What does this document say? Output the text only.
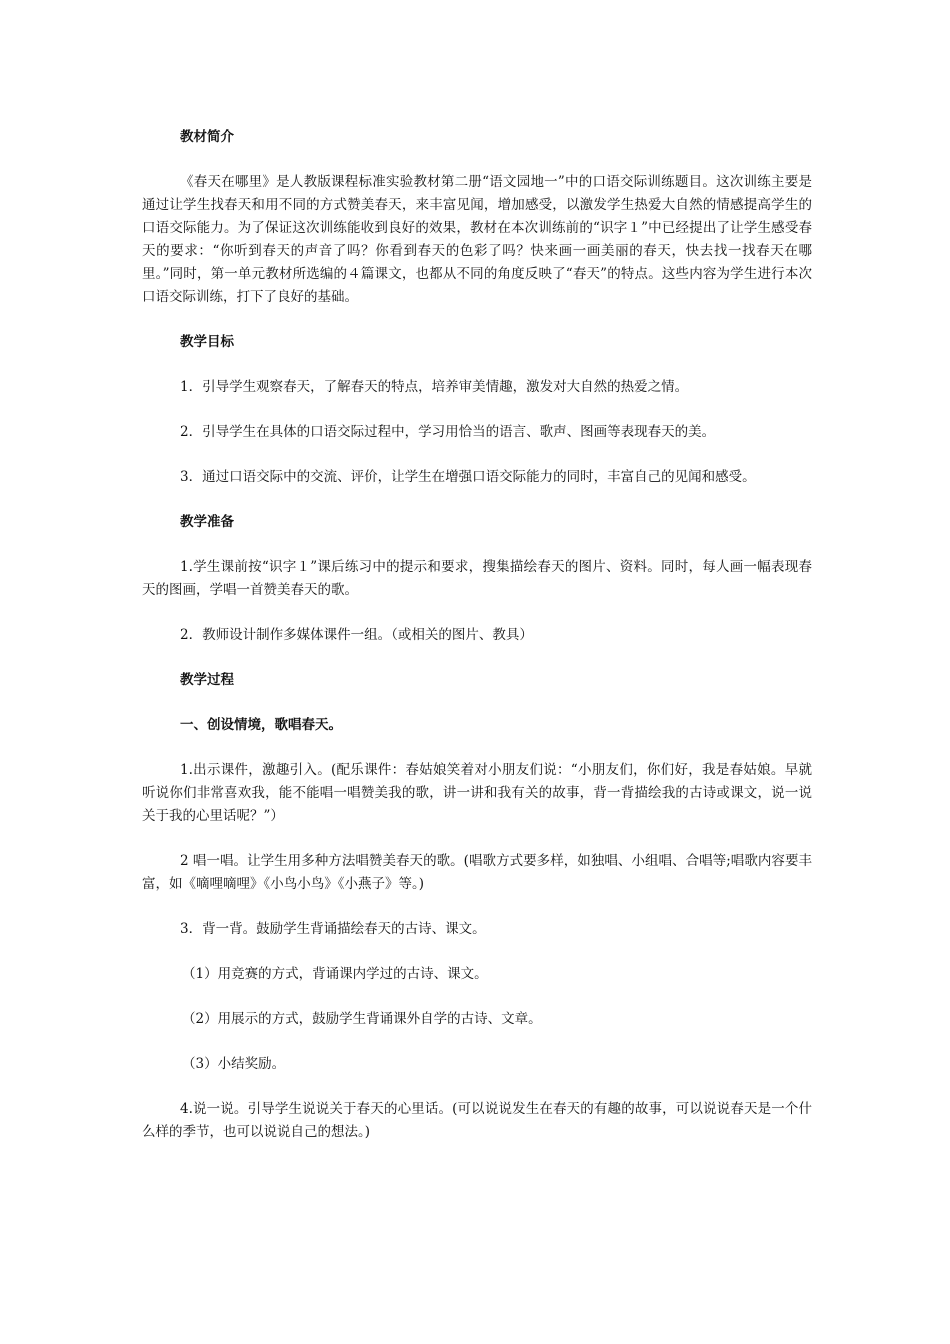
教材简介

《春天在哪里》是人教版课程标准实验教材第二册“语文园地一”中的口语交际训练题目。这次训练主要是通过让学生找春天和用不同的方式赞美春天，来丰富见闻，增加感受，以激发学生热爱大自然的情感提高学生的口语交际能力。为了保证这次训练能收到良好的效果，教材在本次训练前的“识字１”中已经提出了让学生感受春天的要求：“你听到春天的声音了吗？你看到春天的色彩了吗？快来画一画美丽的春天，快去找一找春天在哪里。”同时，第一单元教材所选编的４篇课文，也都从不同的角度反映了“春天”的特点。这些内容为学生进行本次口语交际训练，打下了良好的基础。

教学目标

1．引导学生观察春天，了解春天的特点，培养审美情趣，激发对大自然的热爱之情。

2．引导学生在具体的口语交际过程中，学习用恰当的语言、歌声、图画等表现春天的美。

3．通过口语交际中的交流、评价，让学生在增强口语交际能力的同时，丰富自己的见闻和感受。

教学准备

1.学生课前按“识字１”课后练习中的提示和要求，搜集描绘春天的图片、资料。同时，每人画一幅表现春天的图画，学唱一首赞美春天的歌。

2．教师设计制作多媒体课件一组。（或相关的图片、教具）

教学过程
一、创设情境，歌唱春天。

1.出示课件，激趣引入。(配乐课件：春姑娘笑着对小朋友们说：“小朋友们，你们好，我是春姑娘。早就听说你们非常喜欢我，能不能唱一唱赞美我的歌，讲一讲和我有关的故事，背一背描绘我的古诗或课文，说一说关于我的心里话呢？”）

2 唱一唱。让学生用多种方法唱赞美春天的歌。(唱歌方式要多样，如独唱、小组唱、合唱等;唱歌内容要丰富，如《嘀哩嘀哩》《小鸟小鸟》《小燕子》等。)

3．背一背。鼓励学生背诵描绘春天的古诗、课文。

（1）用竞赛的方式，背诵课内学过的古诗、课文。

（2）用展示的方式，鼓励学生背诵课外自学的古诗、文章。

（3）小结奖励。

4.说一说。引导学生说说关于春天的心里话。(可以说说发生在春天的有趣的故事，可以说说春天是一个什么样的季节，也可以说说自己的想法。)
